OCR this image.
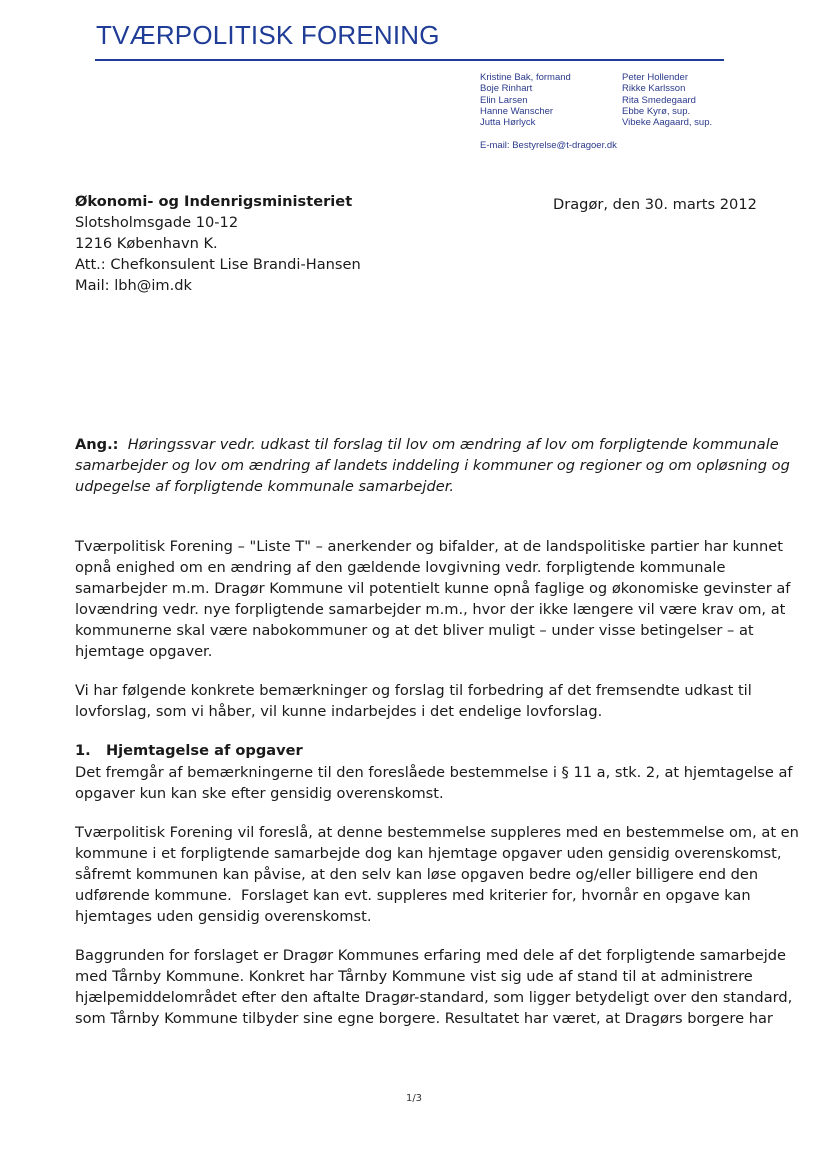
TVÆRPOLITISK FORENING
Kristine Bak, formand
Boje Rinhart
Elin Larsen
Hanne Wanscher
Jutta Hørlyck
Peter Hollender
Rikke Karlsson
Rita Smedegaard
Ebbe Kyrø, sup.
Vibeke Aagaard, sup.
E-mail: Bestyrelse@t-dragoer.dk
Økonomi- og Indenrigsministeriet
Slotsholmsgade 10-12
1216 København K.
Att.: Chefkonsulent Lise Brandi-Hansen
Mail: lbh@im.dk
Dragør, den 30. marts 2012
Ang.: Høringssvar vedr. udkast til forslag til lov om ændring af lov om forpligtende kommunale
samarbejder og lov om ændring af landets inddeling i kommuner og regioner og om opløsning og
udpegelse af forpligtende kommunale samarbejder.
Tværpolitisk Forening – "Liste T" – anerkender og bifalder, at de landspolitiske partier har kunnet
opnå enighed om en ændring af den gældende lovgivning vedr. forpligtende kommunale
samarbejder m.m. Dragør Kommune vil potentielt kunne opnå faglige og økonomiske gevinster af
lovændring vedr. nye forpligtende samarbejder m.m., hvor der ikke længere vil være krav om, at
kommunerne skal være nabokommuner og at det bliver muligt – under visse betingelser – at
hjemtage opgaver.
Vi har følgende konkrete bemærkninger og forslag til forbedring af det fremsendte udkast til
lovforslag, som vi håber, vil kunne indarbejdes i det endelige lovforslag.
1.   Hjemtagelse af opgaver
Det fremgår af bemærkningerne til den foreslåede bestemmelse i § 11 a, stk. 2, at hjemtagelse af
opgaver kun kan ske efter gensidig overenskomst.
Tværpolitisk Forening vil foreslå, at denne bestemmelse suppleres med en bestemmelse om, at en
kommune i et forpligtende samarbejde dog kan hjemtage opgaver uden gensidig overenskomst,
såfremt kommunen kan påvise, at den selv kan løse opgaven bedre og/eller billigere end den
udførende kommune.  Forslaget kan evt. suppleres med kriterier for, hvornår en opgave kan
hjemtages uden gensidig overenskomst.
Baggrunden for forslaget er Dragør Kommunes erfaring med dele af det forpligtende samarbejde
med Tårnby Kommune. Konkret har Tårnby Kommune vist sig ude af stand til at administrere
hjælpemiddelområdet efter den aftalte Dragør-standard, som ligger betydeligt over den standard,
som Tårnby Kommune tilbyder sine egne borgere. Resultatet har været, at Dragørs borgere har
1/3
